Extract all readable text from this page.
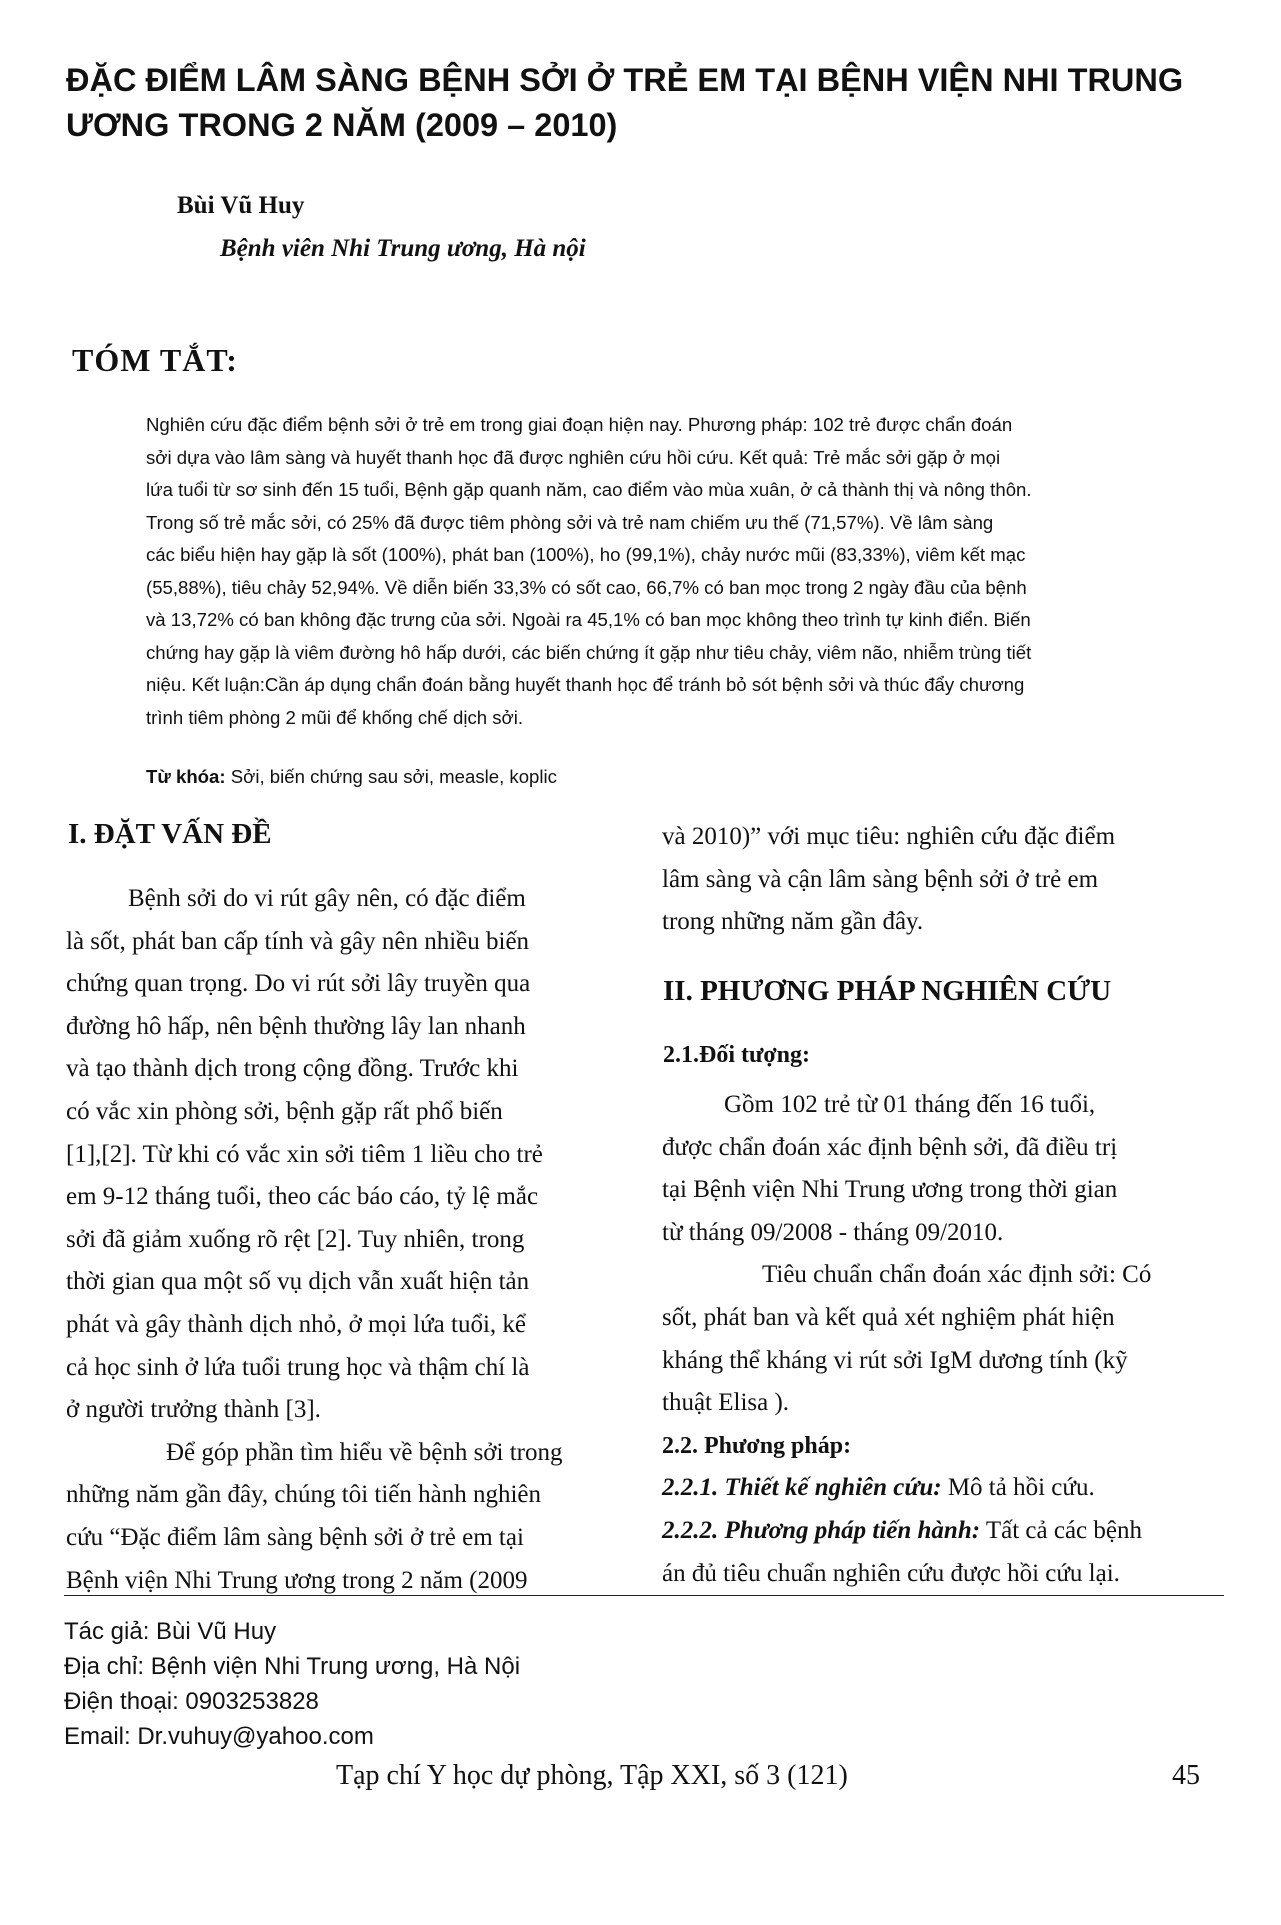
ĐẶC ĐIỂM LÂM SÀNG BỆNH SỞI Ở TRẺ EM TẠI BỆNH VIỆN NHI TRUNG
ƯƠNG TRONG 2 NĂM (2009 – 2010)
Bùi Vũ Huy
Bệnh viên Nhi Trung ương, Hà nội
TÓM TẮT:
Nghiên cứu đặc điểm bệnh sởi ở trẻ em trong giai đoạn hiện nay. Phương pháp: 102 trẻ được chẩn đoán
sởi dựa vào lâm sàng và huyết thanh học đã được nghiên cứu hồi cứu. Kết quả: Trẻ mắc sởi gặp ở mọi
lứa tuổi từ sơ sinh đến 15 tuổi, Bệnh gặp quanh năm, cao điểm vào mùa xuân, ở cả thành thị và nông thôn.
Trong số trẻ mắc sởi, có 25% đã được tiêm phòng sởi và trẻ nam chiếm ưu thế (71,57%). Về lâm sàng
các biểu hiện hay gặp là sốt (100%), phát ban (100%), ho (99,1%), chảy nước mũi (83,33%), viêm kết mạc
(55,88%), tiêu chảy 52,94%. Về diễn biến 33,3% có sốt cao, 66,7% có ban mọc trong 2 ngày đầu của bệnh
và 13,72% có ban không đặc trưng của sởi. Ngoài ra 45,1% có ban mọc không theo trình tự kinh điển. Biến
chứng hay gặp là viêm đường hô hấp dưới, các biến chứng ít gặp như tiêu chảy, viêm não, nhiễm trùng tiết
niệu. Kết luận:Cần áp dụng chẩn đoán bằng huyết thanh học để tránh bỏ sót bệnh sởi và thúc đẩy chương
trình tiêm phòng 2 mũi để khống chế dịch sởi.
Từ khóa: Sởi, biến chứng sau sởi, measle, koplic
I. ĐẶT VẤN ĐỀ
Bệnh sởi do vi rút gây nên, có đặc điểm
là sốt, phát ban cấp tính và gây nên nhiều biến
chứng quan trọng. Do vi rút sởi lây truyền qua
đường hô hấp, nên bệnh thường lây lan nhanh
và tạo thành dịch trong cộng đồng. Trước khi
có vắc xin phòng sởi, bệnh gặp rất phổ biến
[1],[2]. Từ khi có vắc xin sởi tiêm 1 liều cho trẻ
em 9-12 tháng tuổi, theo các báo cáo, tỷ lệ mắc
sởi đã giảm xuống rõ rệt [2]. Tuy nhiên, trong
thời gian qua một số vụ dịch vẫn xuất hiện tản
phát và gây thành dịch nhỏ, ở mọi lứa tuổi, kể
cả học sinh ở lứa tuổi trung học và thậm chí là
ở người trưởng thành [3].
Để góp phần tìm hiểu về bệnh sởi trong
những năm gần đây, chúng tôi tiến hành nghiên
cứu “Đặc điểm lâm sàng bệnh sởi ở trẻ em tại
Bệnh viện Nhi Trung ương trong 2 năm (2009
và 2010)” với mục tiêu: nghiên cứu đặc điểm
lâm sàng và cận lâm sàng bệnh sởi ở trẻ em
trong những năm gần đây.
II. PHƯƠNG PHÁP NGHIÊN CỨU
2.1.Đối tượng:
Gồm 102 trẻ từ 01 tháng đến 16 tuổi,
được chẩn đoán xác định bệnh sởi, đã điều trị
tại Bệnh viện Nhi Trung ương trong thời gian
từ tháng 09/2008 - tháng 09/2010.
Tiêu chuẩn chẩn đoán xác định sởi: Có
sốt, phát ban và kết quả xét nghiệm phát hiện
kháng thể kháng vi rút sởi IgM dương tính (kỹ
thuật Elisa ).
2.2. Phương pháp:
2.2.1. Thiết kế nghiên cứu: Mô tả hồi cứu.
2.2.2. Phương pháp tiến hành: Tất cả các bệnh
án đủ tiêu chuẩn nghiên cứu được hồi cứu lại.
Tác giả: Bùi Vũ Huy
Địa chỉ: Bệnh viện Nhi Trung ương, Hà Nội
Điện thoại: 0903253828
Email: Dr.vuhuy@yahoo.com
Tạp chí Y học dự phòng, Tập XXI, số 3 (121)	45
